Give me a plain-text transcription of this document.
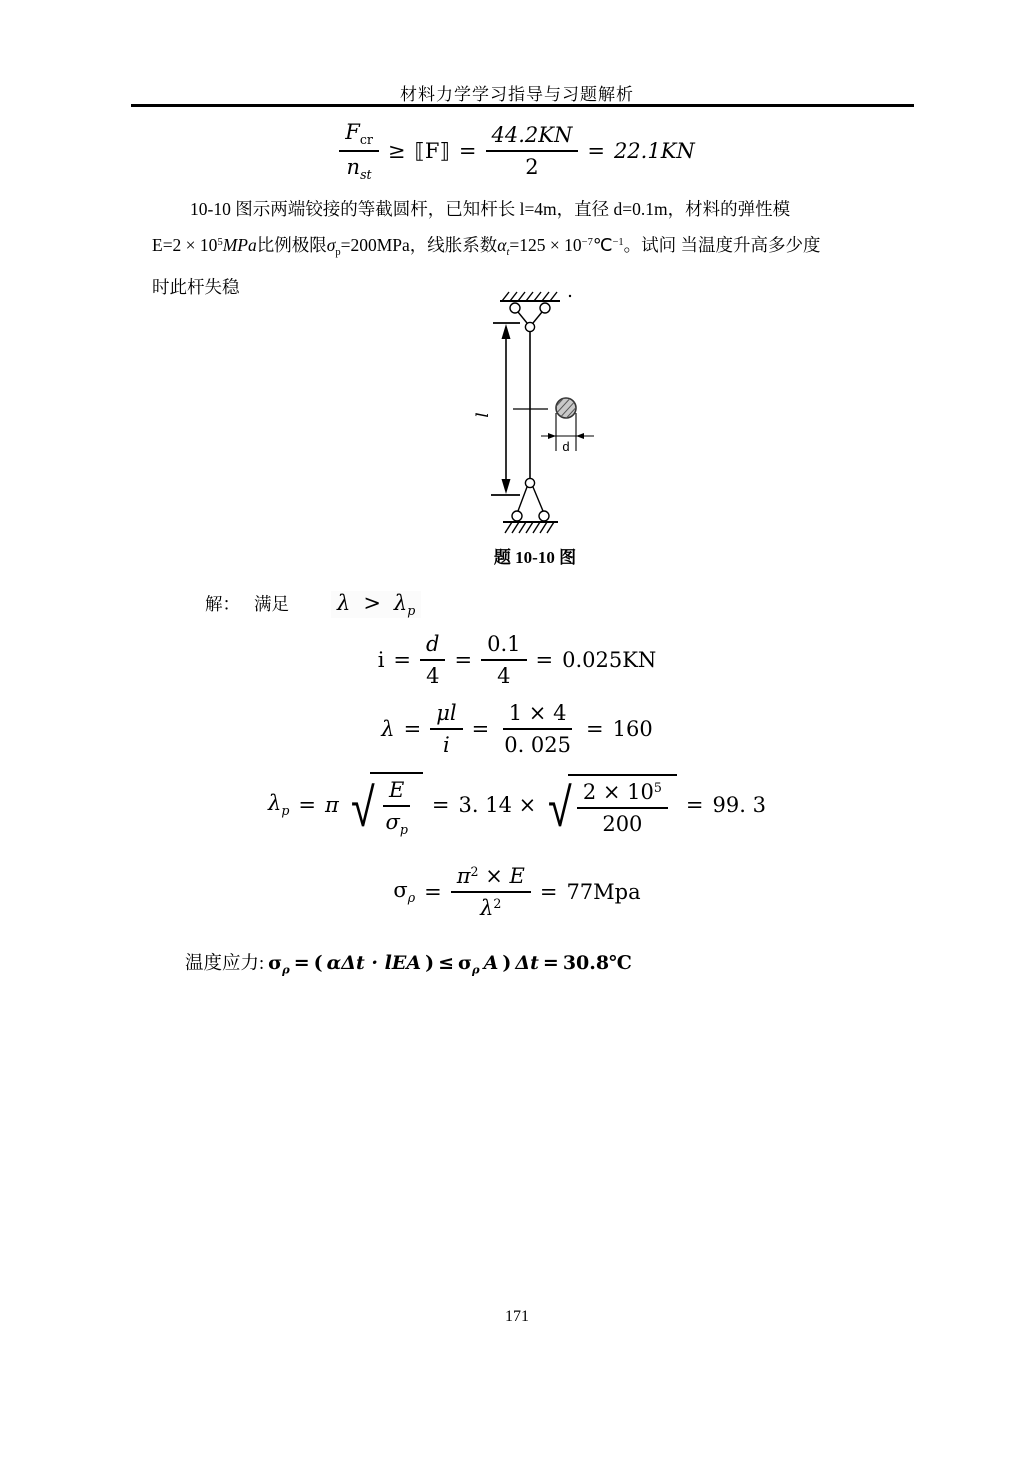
材料力学学习指导与习题解析
$\frac{F_{cr}}{n_{st}}$ ≥ ⟦F⟧ = $\frac{44.2KN}{2} = 22.1KN$

10-10 图示两端铰接的等截圆杆，已知杆长 l=4m，直径 d=0.1m，材料的弹性模

$E=2 \times 10^5MPa$比例极限$\sigma_p=200MPa$，线胀系数$\alpha_t=125$ × $10^{-7}℃^{-1}$。试问 当温度升高多少度

时此杆失稳

l
d
题 10-10 图
解： 满足 $\lambda > \lambda_p$
$i = \frac{d}{4} = \frac{0.1}{4} = 0.025KN$
$\lambda = \frac{\mu l}{i} = \frac{1 \times 4}{0. 025} = 160$
$\lambda_p = \pi$ √ $\frac{E}{\sigma_p} = 3$. 14 × √ $\frac{2 \times 10^5}{200} = 99$. 3
$\sigma_\rho = \frac{\pi^2 \times E}{\lambda^2} = 77Mpa$
温度应力: $\sigma_\rho$ = ( αΔt · lEA ) ≤ $\sigma_\rho$ A ) Δt = 30.8℃
171
